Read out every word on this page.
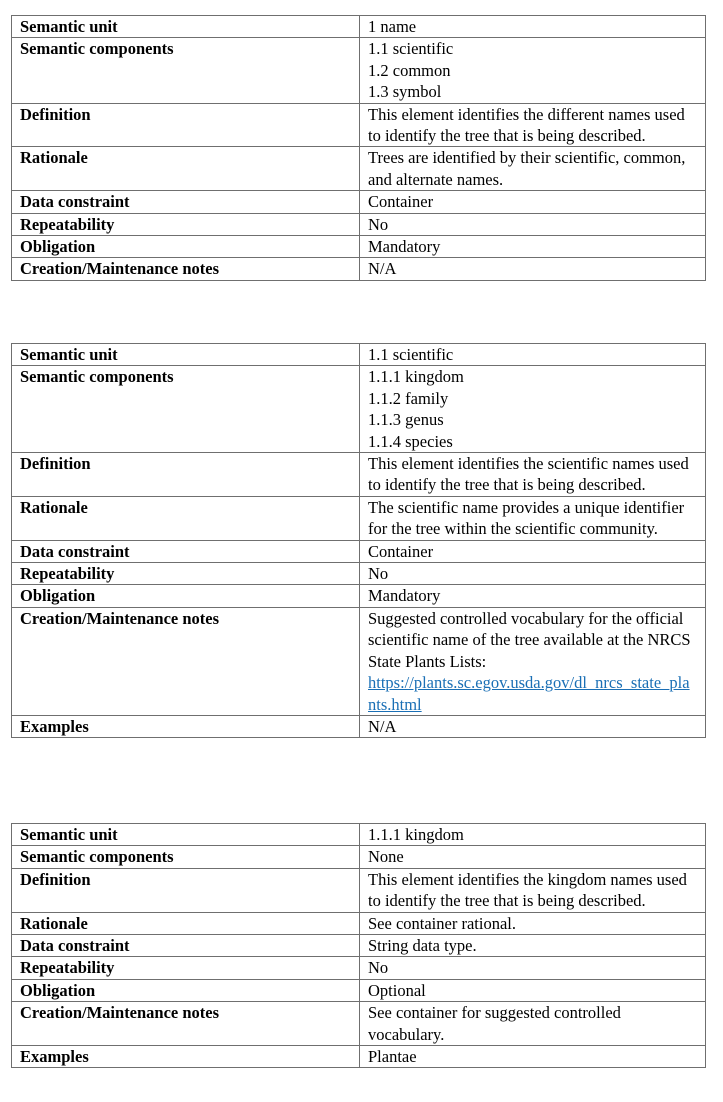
Semantic unit	1 name

Semantic components	1.1 scientific
1.2 common
1.3 symbol

Definition	This element identifies the different names used to identify the tree that is being described.

Rationale	Trees are identified by their scientific, common, and alternate names.

Data constraint	Container

Repeatability	No

Obligation	Mandatory

Creation/Maintenance notes	N/A
Semantic unit	1.1 scientific

Semantic components	1.1.1 kingdom
1.1.2 family
1.1.3 genus
1.1.4 species

Definition	This element identifies the scientific names used to identify the tree that is being described.

Rationale	The scientific name provides a unique identifier for the tree within the scientific community.

Data constraint	Container

Repeatability	No

Obligation	Mandatory

Creation/Maintenance notes	Suggested controlled vocabulary for the official scientific name of the tree available at the NRCS State Plants Lists:
https://plants.sc.egov.usda.gov/dl_nrcs_state_plants.html

Examples	N/A
Semantic unit	1.1.1 kingdom

Semantic components	None

Definition	This element identifies the kingdom names used to identify the tree that is being described.

Rationale	See container rational.

Data constraint	String data type.

Repeatability	No

Obligation	Optional

Creation/Maintenance notes	See container for suggested controlled vocabulary.

Examples	Plantae
